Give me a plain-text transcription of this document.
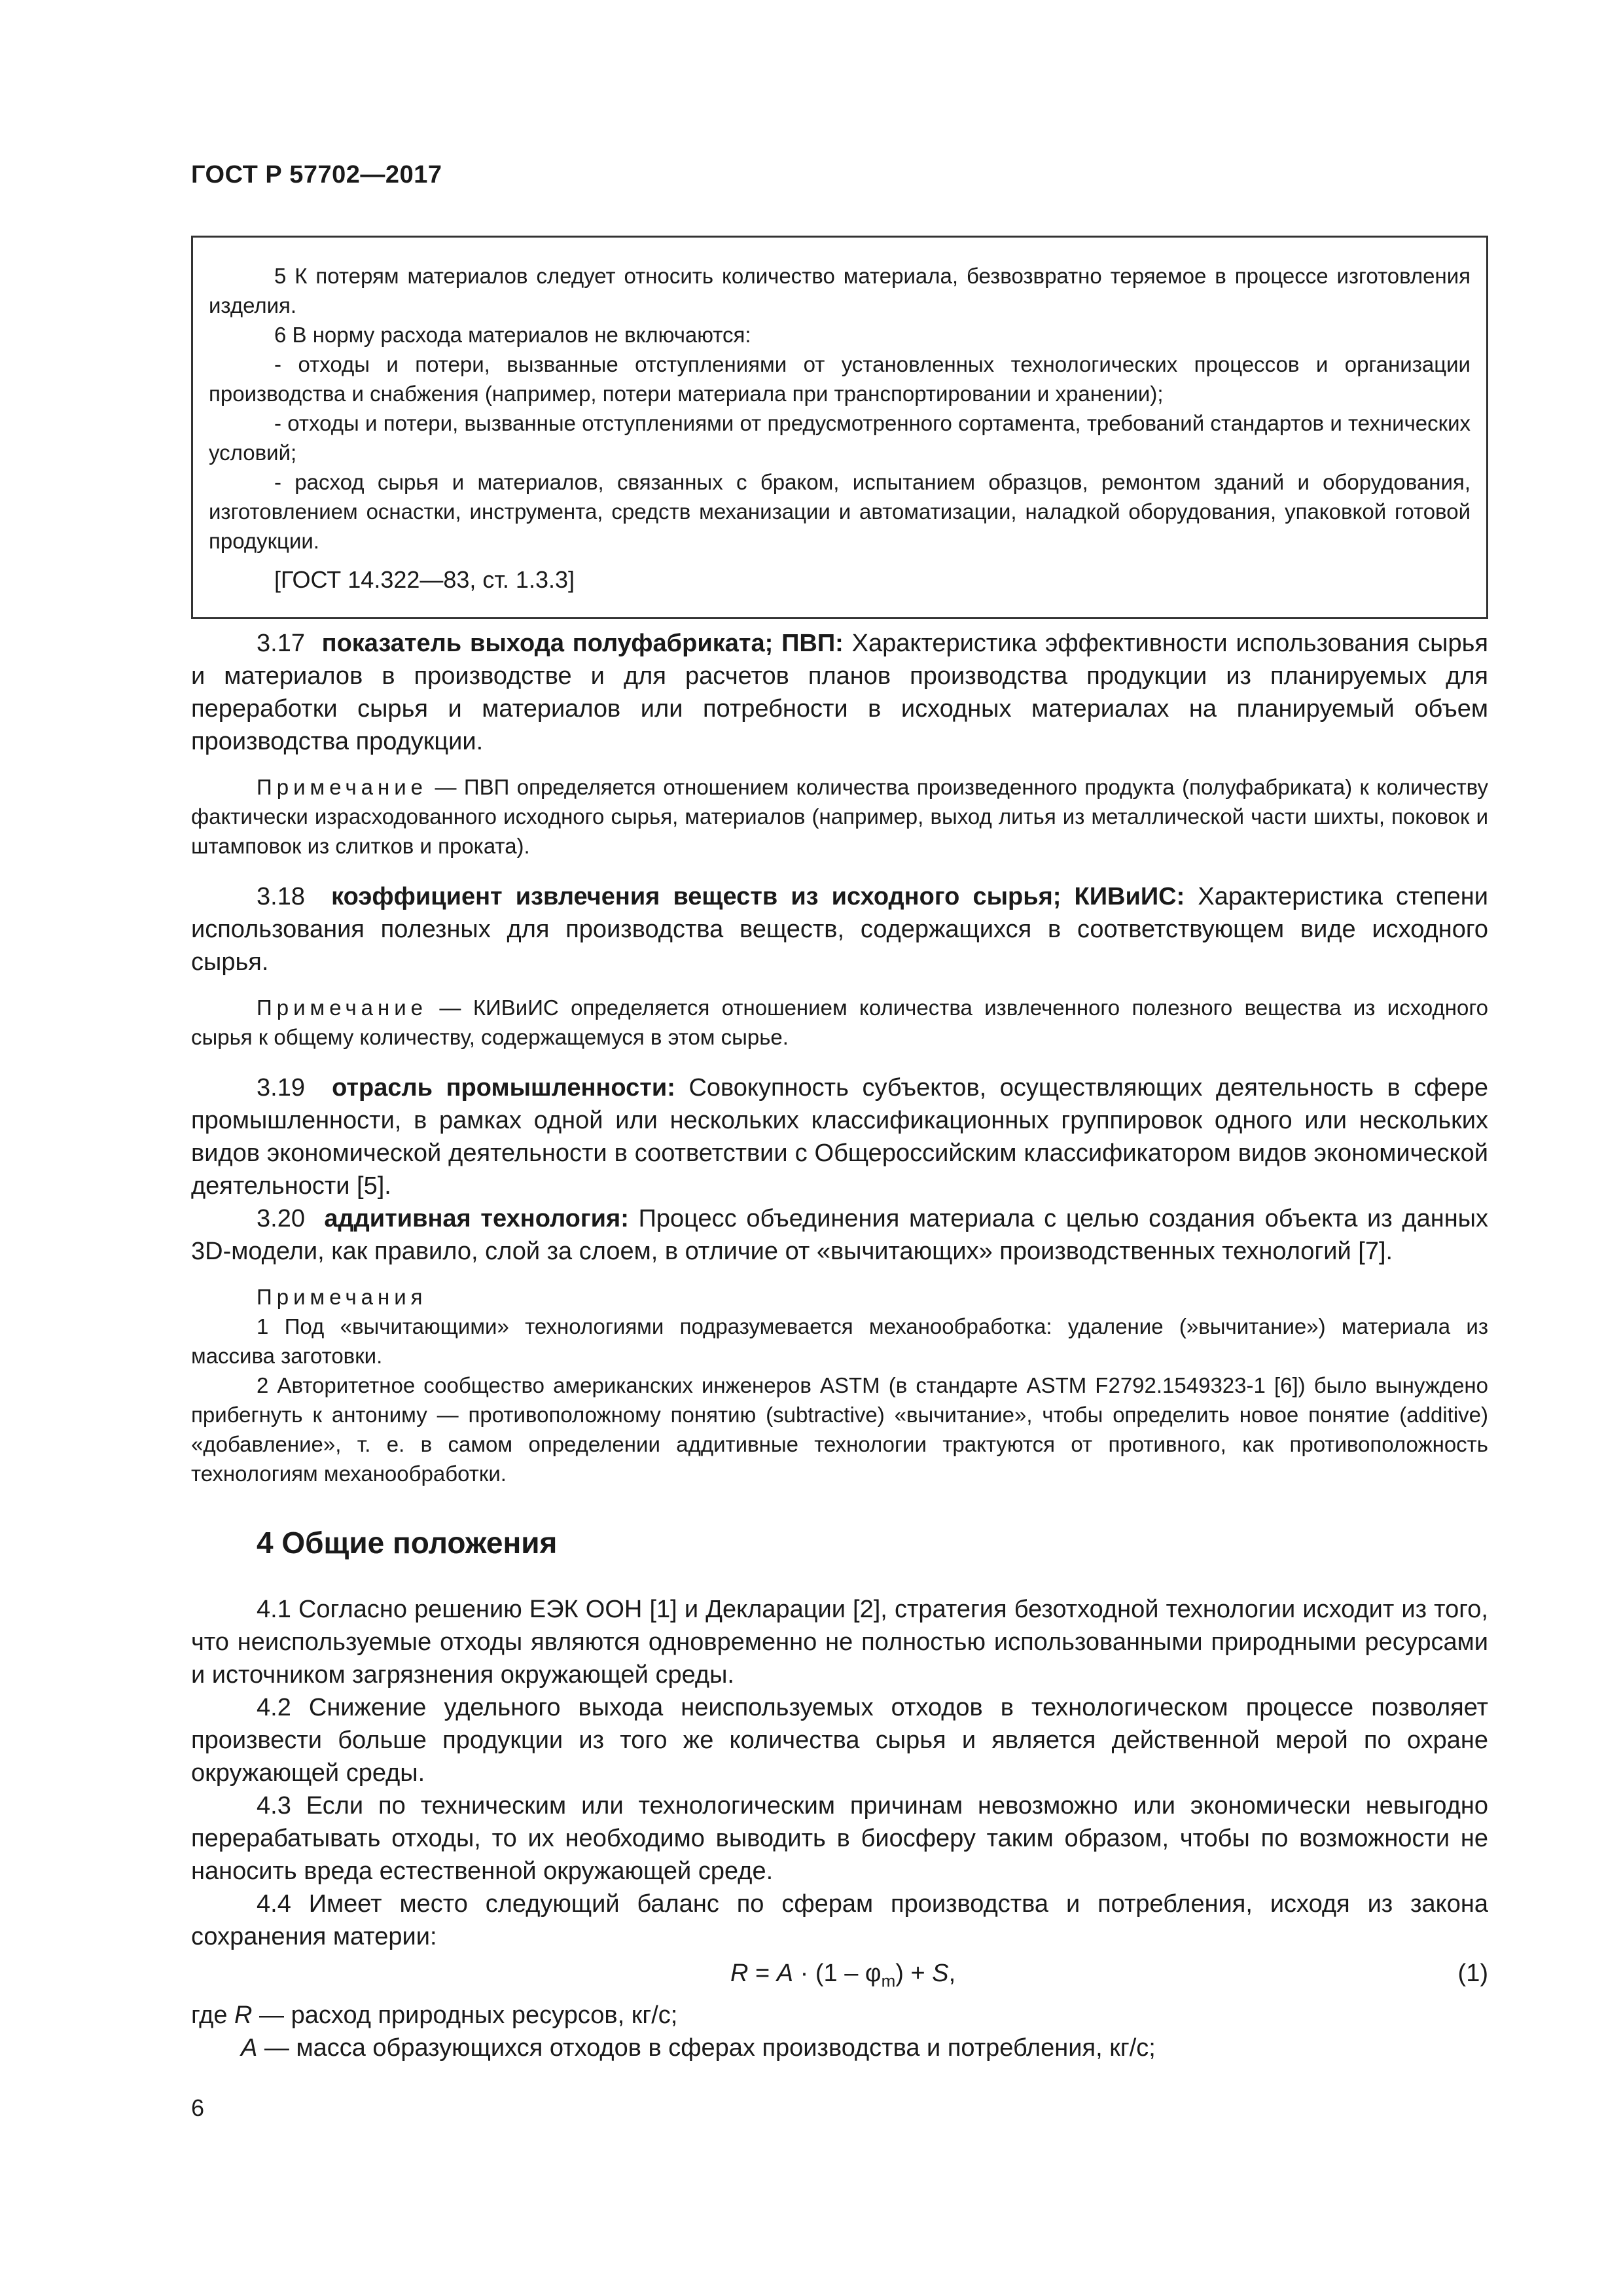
ГОСТ Р 57702—2017

5 К потерям материалов следует относить количество материала, безвозвратно теряемое в процессе изготовления изделия.

6 В норму расхода материалов не включаются:

- отходы и потери, вызванные отступлениями от установленных технологических процессов и организации производства и снабжения (например, потери материала при транспортировании и хранении);

- отходы и потери, вызванные отступлениями от предусмотренного сортамента, требований стандартов и технических условий;

- расход сырья и материалов, связанных с браком, испытанием образцов, ремонтом зданий и оборудования, изготовлением оснастки, инструмента, средств механизации и автоматизации, наладкой оборудования, упаковкой готовой продукции.

[ГОСТ 14.322—83, ст. 1.3.3]

3.17 показатель выхода полуфабриката; ПВП: Характеристика эффективности использования сырья и материалов в производстве и для расчетов планов производства продукции из планируемых для переработки сырья и материалов или потребности в исходных материалах на планируемый объем производства продукции.

Примечание — ПВП определяется отношением количества произведенного продукта (полуфабриката) к количеству фактически израсходованного исходного сырья, материалов (например, выход литья из металлической части шихты, поковок и штамповок из слитков и проката).

3.18 коэффициент извлечения веществ из исходного сырья; КИВиИС: Характеристика степени использования полезных для производства веществ, содержащихся в соответствующем виде исходного сырья.

Примечание — КИВиИС определяется отношением количества извлеченного полезного вещества из исходного сырья к общему количеству, содержащемуся в этом сырье.

3.19 отрасль промышленности: Совокупность субъектов, осуществляющих деятельность в сфере промышленности, в рамках одной или нескольких классификационных группировок одного или нескольких видов экономической деятельности в соответствии с Общероссийским классификатором видов экономической деятельности [5].

3.20 аддитивная технология: Процесс объединения материала с целью создания объекта из данных 3D-модели, как правило, слой за слоем, в отличие от «вычитающих» производственных технологий [7].

Примечания

1 Под «вычитающими» технологиями подразумевается механообработка: удаление (»вычитание») материала из массива заготовки.

2 Авторитетное сообщество американских инженеров ASTM (в стандарте ASTM F2792.1549323-1 [6]) было вынуждено прибегнуть к антониму — противоположному понятию (subtractive) «вычитание», чтобы определить новое понятие (additive) «добавление», т. е. в самом определении аддитивные технологии трактуются от противного, как противоположность технологиям механообработки.

4 Общие положения

4.1 Согласно решению ЕЭК ООН [1] и Декларации [2], стратегия безотходной технологии исходит из того, что неиспользуемые отходы являются одновременно не полностью использованными природными ресурсами и источником загрязнения окружающей среды.

4.2 Снижение удельного выхода неиспользуемых отходов в технологическом процессе позволяет произвести больше продукции из того же количества сырья и является действенной мерой по охране окружающей среды.

4.3 Если по техническим или технологическим причинам невозможно или экономически невыгодно перерабатывать отходы, то их необходимо выводить в биосферу таким образом, чтобы по возможности не наносить вреда естественной окружающей среде.

4.4 Имеет место следующий баланс по сферам производства и потребления, исходя из закона сохранения материи:

$R = A \cdot (1 - \varphi_m) + S$,	(1)

где R — расход природных ресурсов, кг/с;

A — масса образующихся отходов в сферах производства и потребления, кг/с;

6
